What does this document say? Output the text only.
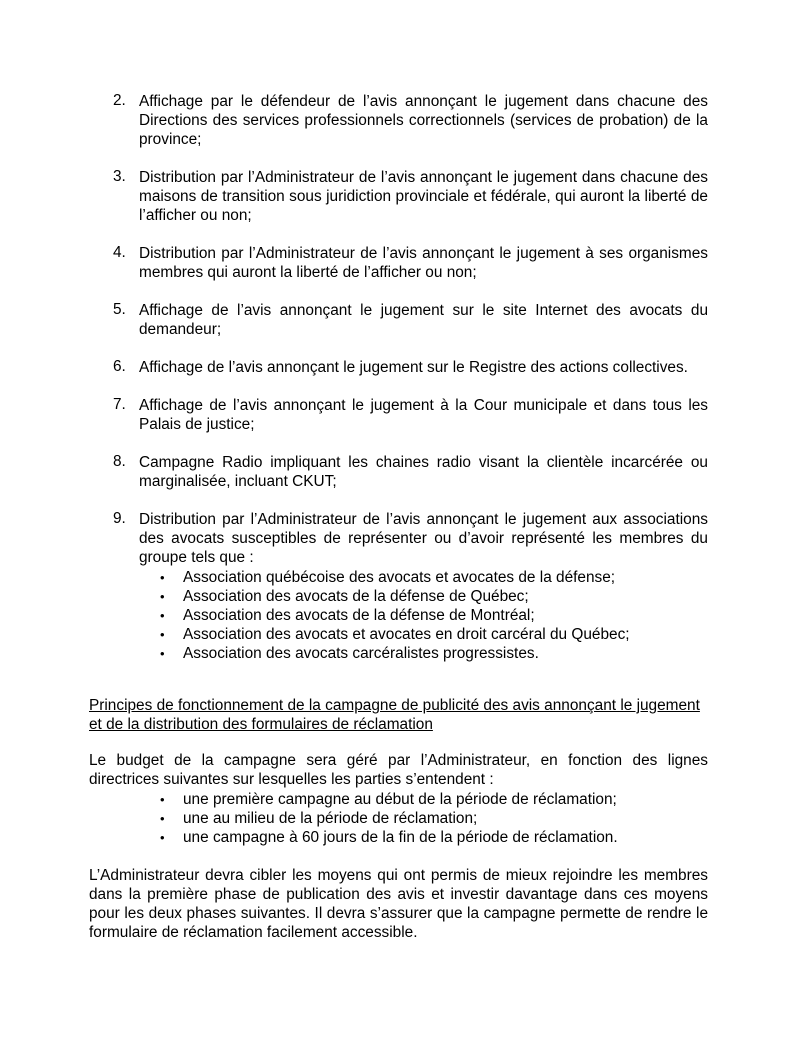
2. Affichage par le défendeur de l’avis annonçant le jugement dans chacune des Directions des services professionnels correctionnels (services de probation) de la province;

3. Distribution par l’Administrateur de l’avis annonçant le jugement dans chacune des maisons de transition sous juridiction provinciale et fédérale, qui auront la liberté de l’afficher ou non;

4. Distribution par l’Administrateur de l’avis annonçant le jugement à ses organismes membres qui auront la liberté de l’afficher ou non;

5. Affichage de l’avis annonçant le jugement sur le site Internet des avocats du demandeur;

6. Affichage de l’avis annonçant le jugement sur le Registre des actions collectives.

7. Affichage de l’avis annonçant le jugement à la Cour municipale et dans tous les Palais de justice;

8. Campagne Radio impliquant les chaines radio visant la clientèle incarcérée ou marginalisée, incluant CKUT;

9. Distribution par l’Administrateur de l’avis annonçant le jugement aux associations des avocats susceptibles de représenter ou d’avoir représenté les membres du groupe tels que :

• Association québécoise des avocats et avocates de la défense;
• Association des avocats de la défense de Québec;
• Association des avocats de la défense de Montréal;
• Association des avocats et avocates en droit carcéral du Québec;
• Association des avocats carcéralistes progressistes.
Principes de fonctionnement de la campagne de publicité des avis annonçant le jugement et de la distribution des formulaires de réclamation

Le budget de la campagne sera géré par l’Administrateur, en fonction des lignes directrices suivantes sur lesquelles les parties s’entendent :

• une première campagne au début de la période de réclamation;
• une au milieu de la période de réclamation;
• une campagne à 60 jours de la fin de la période de réclamation.

L’Administrateur devra cibler les moyens qui ont permis de mieux rejoindre les membres dans la première phase de publication des avis et investir davantage dans ces moyens pour les deux phases suivantes. Il devra s’assurer que la campagne permette de rendre le formulaire de réclamation facilement accessible.
